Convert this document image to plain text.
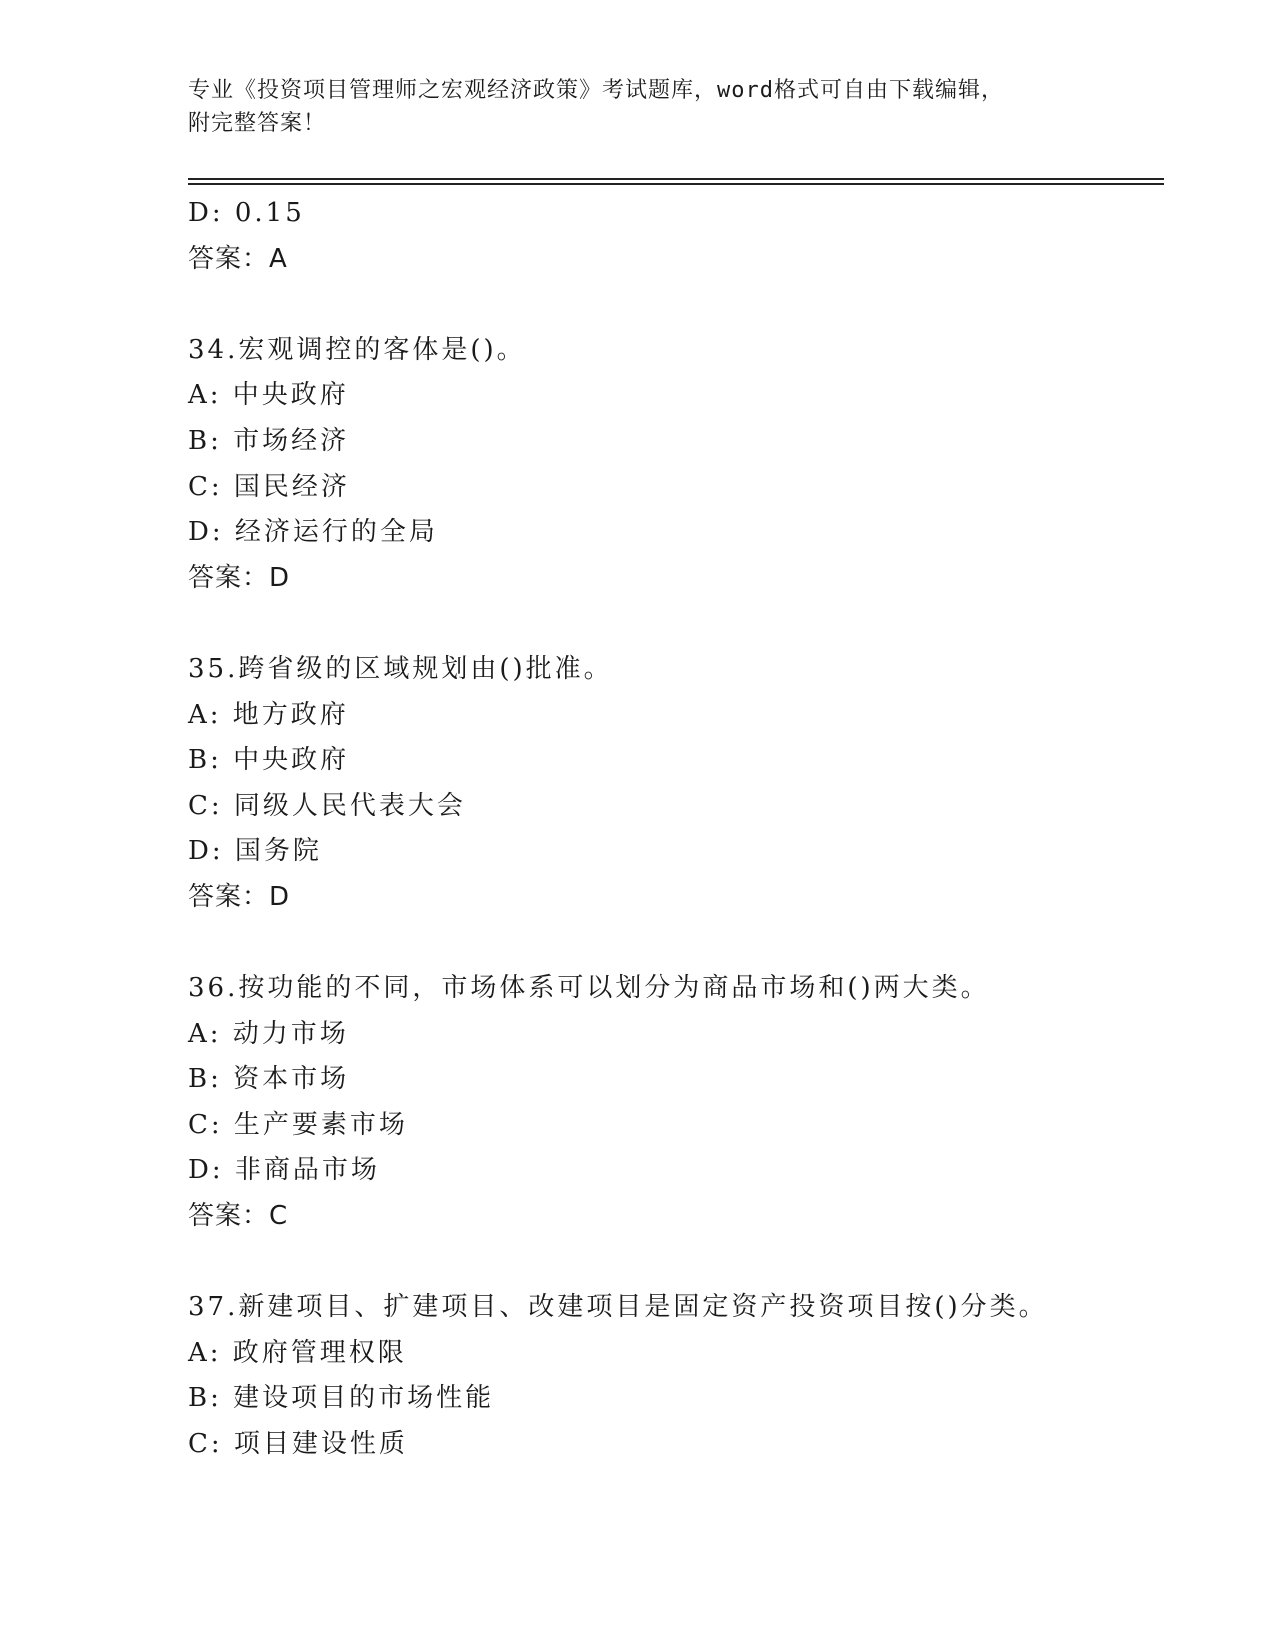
专业《投资项目管理师之宏观经济政策》考试题库，word格式可自由下载编辑，
附完整答案！
D: 0.15
答案：A
34.宏观调控的客体是()。
A: 中央政府
B: 市场经济
C: 国民经济
D: 经济运行的全局
答案：D
35.跨省级的区域规划由()批准。
A: 地方政府
B: 中央政府
C: 同级人民代表大会
D: 国务院
答案：D
36.按功能的不同，市场体系可以划分为商品市场和()两大类。
A: 动力市场
B: 资本市场
C: 生产要素市场
D: 非商品市场
答案：C
37.新建项目、扩建项目、改建项目是固定资产投资项目按()分类。
A: 政府管理权限
B: 建设项目的市场性能
C: 项目建设性质
